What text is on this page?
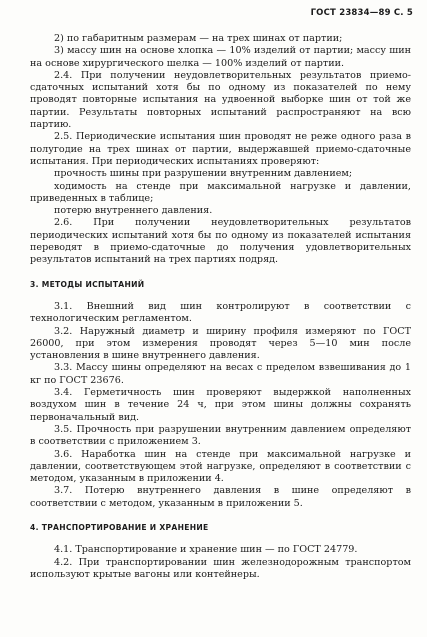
ГОСТ 23834—89 С. 5

2) по габаритным размерам — на трех шинах от партии;

3) массу шин на основе хлопка — 10% изделий от партии; массу шин на основе хирургического шелка — 100% изделий от партии.

2.4. При получении неудовлетворительных результатов приемо-сдаточных испытаний хотя бы по одному из показателей по нему проводят повторные испытания на удвоенной выборке шин от той же партии. Результаты повторных испытаний распространяют на всю партию.

2.5. Периодические испытания шин проводят не реже одного раза в полугодие на трех шинах от партии, выдержавшей приемо-сдаточные испытания. При периодических испытаниях проверяют:

прочность шины при разрушении внутренним давлением;

ходимость на стенде при максимальной нагрузке и давлении, приведенных в таблице;

потерю внутреннего давления.

2.6. При получении неудовлетворительных результатов периодических испытаний хотя бы по одному из показателей испытания переводят в приемо-сдаточные до получения удовлетворительных результатов испытаний на трех партиях подряд.

3. МЕТОДЫ ИСПЫТАНИЙ

3.1. Внешний вид шин контролируют в соответствии с технологическим регламентом.

3.2. Наружный диаметр и ширину профиля измеряют по ГОСТ 26000, при этом измерения проводят через 5—10 мин после установления в шине внутреннего давления.

3.3. Массу шины определяют на весах с пределом взвешивания до 1 кг по ГОСТ 23676.

3.4. Герметичность шин проверяют выдержкой наполненных воздухом шин в течение 24 ч, при этом шины должны сохранять первоначальный вид.

3.5. Прочность при разрушении внутренним давлением определяют в соответствии с приложением 3.

3.6. Наработка шин на стенде при максимальной нагрузке и давлении, соответствующем этой нагрузке, определяют в соответствии с методом, указанным в приложении 4.

3.7. Потерю внутреннего давления в шине определяют в соответствии с методом, указанным в приложении 5.

4. ТРАНСПОРТИРОВАНИЕ И ХРАНЕНИЕ

4.1. Транспортирование и хранение шин — по ГОСТ 24779.

4.2. При транспортировании шин железнодорожным транспортом используют крытые вагоны или контейнеры.
